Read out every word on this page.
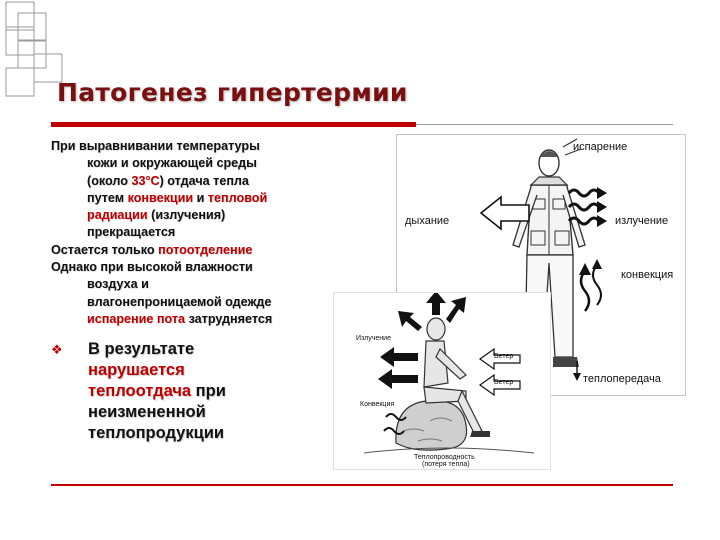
Патогенез гипертермии

При выравнивании температуры

кожи и окружающей среды
(около 33°С) отдача тепла
путем конвекции и тепловой
радиации (излучения)
прекращается

Остается только потоотделение

Однако при высокой влажности

воздуха и
влагонепроницаемой одежде
испарение пота затрудняется

❖ В результате
нарушается
теплоотдача при
неизмененной
теплопродукции
испарение
дыхание	излучение
конвекция
теплопередача
Излучение
Ветер
Ветер
Конвекция
Теплопроводность
(потеря тепла)
